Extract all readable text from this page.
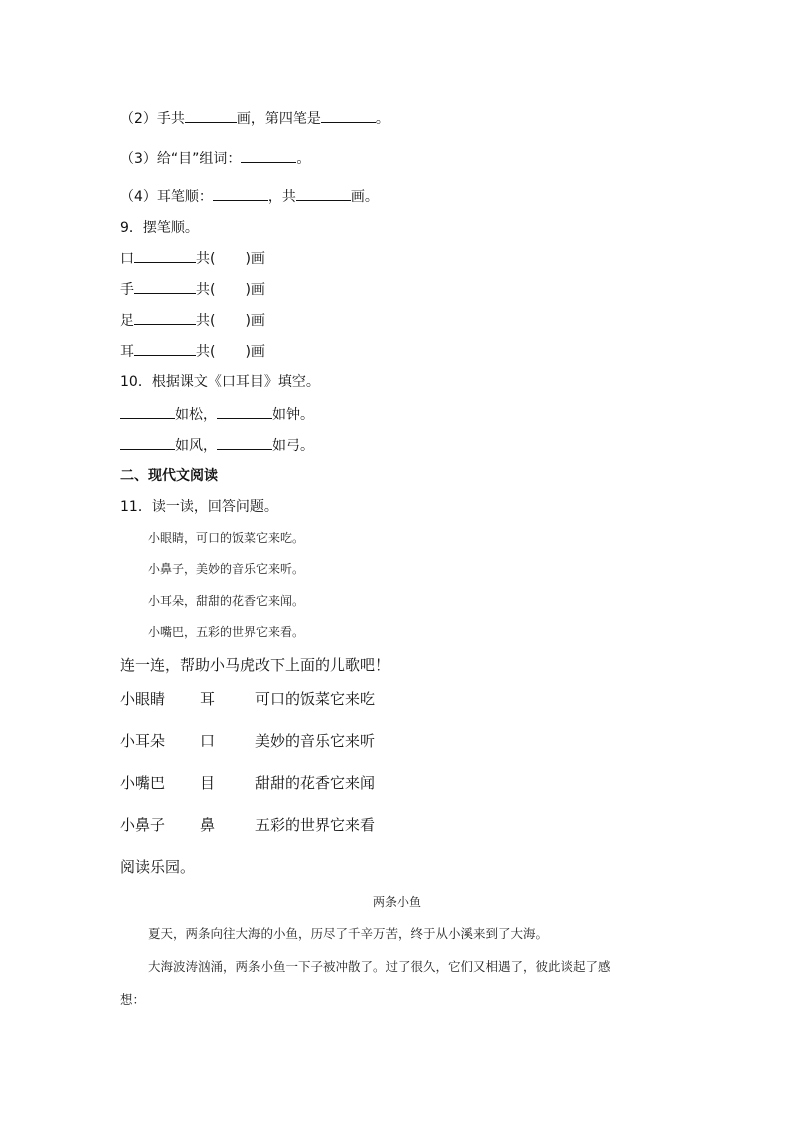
（2）手共	画，第四笔是	。
（3）给“目”组词：	。
（4）耳笔顺：	，共	画。
9．摆笔顺。
口	共( )画
手	共( )画
足	共( )画
耳	共( )画
10．根据课文《口耳目》填空。
如松，	如钟。
如风，	如弓。
二、现代文阅读
11．读一读，回答问题。
小眼睛，可口的饭菜它来吃。
小鼻子，美妙的音乐它来听。
小耳朵，甜甜的花香它来闻。
小嘴巴，五彩的世界它来看。
连一连，帮助小马虎改下上面的儿歌吧！
小眼睛 耳	可口的饭菜它来吃
小耳朵 口	美妙的音乐它来听
小嘴巴 目	甜甜的花香它来闻
小鼻子 鼻	五彩的世界它来看
阅读乐园。
两条小鱼
夏天，两条向往大海的小鱼，历尽了千辛万苦，终于从小溪来到了大海。
大海波涛汹涌，两条小鱼一下子被冲散了。过了很久，它们又相遇了，彼此谈起了感
想：
